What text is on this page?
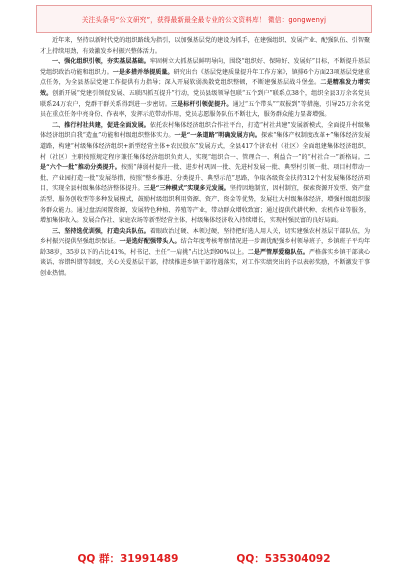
关注头条号“公文研究”，获得最新最全最专业的公文资料库！ 微信：gongwenyj

近年来，坚持以新时代党的组织路线为指引，以加强基层党的建设为抓手，在建强组织、发展产业、配强队伍、引智聚才上持续用劲，有效激发乡村振兴整体活力。

一、强化组织引领，夯实基层基础。牢固树立大抓基层鲜明导向，围绕“组织好、保障好、发展好”目标，不断提升基层党组织政治功能和组织力。一是多措并举提质量。研究出台《基层党建质量提升年工作方案》，镇排6个方面23项基层党建重点任务，为全县基层党建工作提供有力指导；深入开展软弱涣散党组织整顿，不断建强基层战斗堡垒。二是精准发力增实效。创新开展“党建引领促发展、五联四抓互提升”行动，党员县级领导包联“五个到户”联系点38个，组织全县3万余名党员联系24万农户，党群干群关系得到进一步密切。三是标杆引领促提升。通过“五个带头”“双报到”等措施，引导25万余名党员在重点任务中亮身份、作表率，发挥示范带动作用，党员志愿服务队伍不断壮大，服务群众能力显著增强。

二、推行村社共建，促进全面发展。依托农村集体经济组织合作社平台，打造“村社共建”发展新模式，全面提升村级集体经济组织自我“造血”功能和村级组织整体实力。一是“一条道路”明确发展方向。探索“集体产权制度改革+”集体经济发展道路，构建“村级集体经济组织+新型经营主体+农民股东”发展方式，全县417个济农村（社区）全面组建集体经济组织，村（社区）主职按照规定程序兼任集体经济组织负责人，实现“组织合一、管理合一、利益合一”的“村社合一”新格局。二是“六个一批”推动分类提升。按照“薄弱村提升一批、进步村巩固一批、先进村发展一批、典型村引领一批、项目村带动一批、产业园打造一批”发展举措，按照“整乡推进、分类提升、典型示范”思路，争取各级资金扶持312个村发展集体经济项目，实现全县村级集体经济整体提升。三是“三种模式”实现多元发展。坚持因地制宜，因村制宜，探索资源开发型、资产盘活型、服务创收型等多种发展模式，鼓励村级组织利用资源、资产、资金等优势，发展壮大村级集体经济，增强村级组织服务群众能力。通过盘活闲置资源，发展特色种植、养殖等产业，带动群众增收致富；通过提供代耕代种、农机作业等服务，增加集体收入。发展合作社、家庭农场等新型经营主体，村级集体经济收入持续增长，实现村强民富的良好局面。

三、坚持选优训强，打造尖兵队伍。着眼政治过硬、本领过硬，坚持把好选人用人关，切实建强农村基层干部队伍，为乡村振兴提供坚强组织保证。一是选好配强带头人。结合年度考核考察情况进一步调优配强乡村领导班子，乡镇班子平均年龄38岁，35岁以下的占比41%，村书记、主任“一肩挑”占比达到90%以上。二是严管厚爱稳队伍。严格落实乡镇干部谈心谈话、容错纠错等制度，关心关爱基层干部，持续推进乡镇干部待遇落实，对工作实绩突出的予以表彰奖励，不断激发干事创业热情。

QQ 群：31991489	QQ：535304092
